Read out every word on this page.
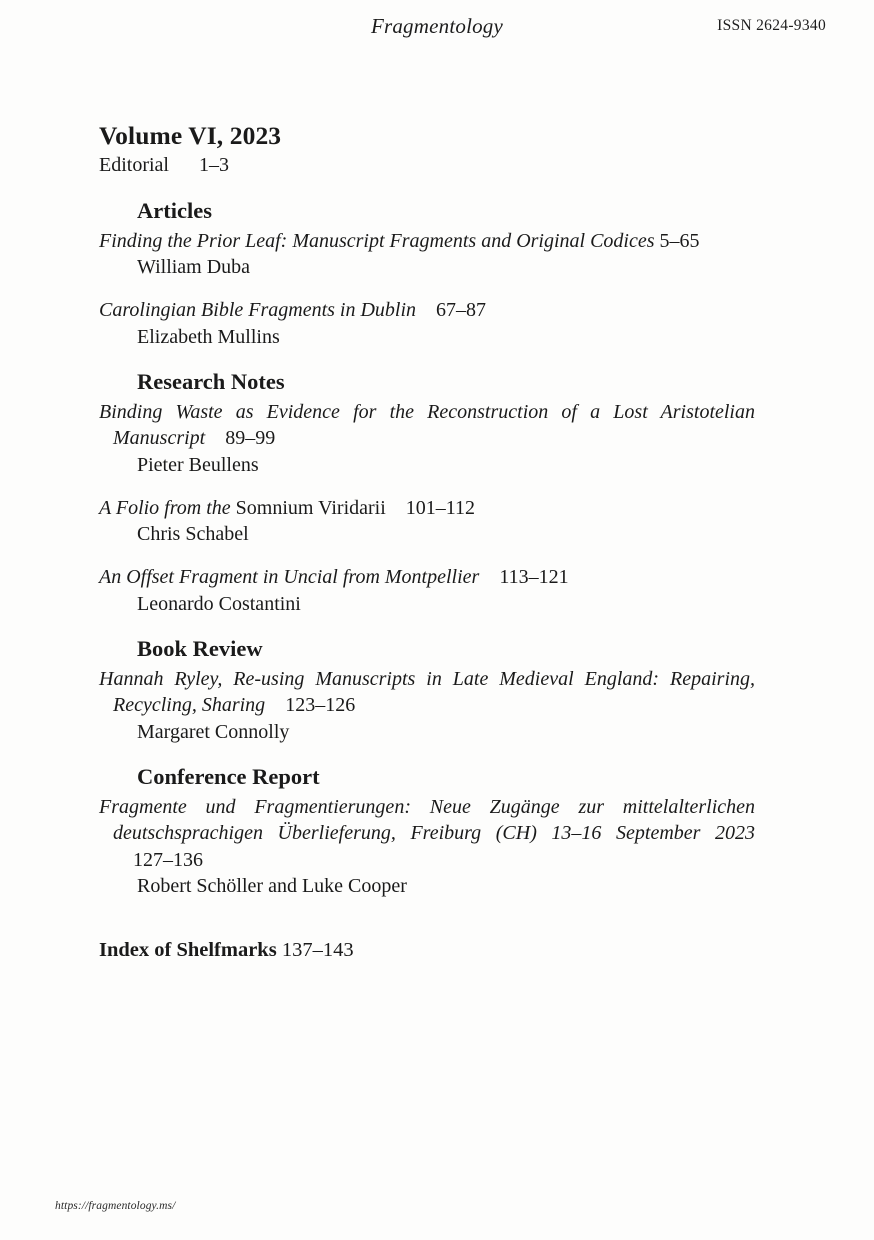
Fragmentology	ISSN 2624-9340
Volume VI, 2023

Editorial 1–3

Articles

Finding the Prior Leaf: Manuscript Fragments and Original Codices 5–65

William Duba

Carolingian Bible Fragments in Dublin 67–87

Elizabeth Mullins

Research Notes

Binding Waste as Evidence for the Reconstruction of a Lost Aristotelian Manuscript 89–99

Pieter Beullens

A Folio from the Somnium Viridarii 101–112

Chris Schabel

An Offset Fragment in Uncial from Montpellier 113–121

Leonardo Costantini

Book Review

Hannah Ryley, Re-using Manuscripts in Late Medieval England: Repairing, Recycling, Sharing 123–126

Margaret Connolly

Conference Report

Fragmente und Fragmentierungen: Neue Zugänge zur mittelalterlichen deutschsprachigen Überlieferung, Freiburg (CH) 13–16 September 2023    127–136

Robert Schöller and Luke Cooper

Index of Shelfmarks 137–143

https://fragmentology.ms/
